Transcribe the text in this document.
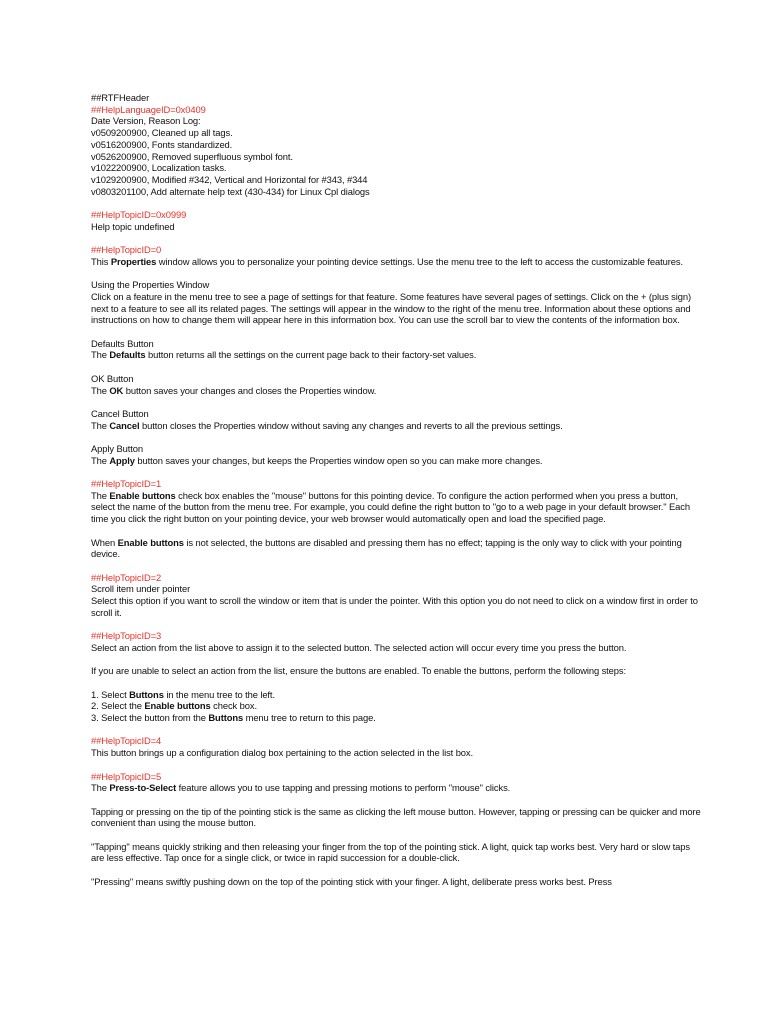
##RTFHeader
##HelpLanguageID=0x0409
Date Version, Reason Log:
v0509200900, Cleaned up all tags.
v0516200900, Fonts standardized.
v0526200900, Removed superfluous symbol font.
v1022200900, Localization tasks.
v1029200900, Modified #342, Vertical and Horizontal for #343, #344
v0803201100, Add alternate help text (430-434) for Linux Cpl dialogs
##HelpTopicID=0x0999
Help topic undefined
##HelpTopicID=0

This Properties window allows you to personalize your pointing device settings. Use the menu tree to the left to access the customizable features.

Using the Properties Window

Click on a feature in the menu tree to see a page of settings for that feature. Some features have several pages of settings. Click on the + (plus sign) next to a feature to see all its related pages. The settings will appear in the window to the right of the menu tree. Information about these options and instructions on how to change them will appear here in this information box. You can use the scroll bar to view the contents of the information box.

Defaults Button

The Defaults button returns all the settings on the current page back to their factory-set values.

OK Button

The OK button saves your changes and closes the Properties window.

Cancel Button

The Cancel button closes the Properties window without saving any changes and reverts to all the previous settings.

Apply Button

The Apply button saves your changes, but keeps the Properties window open so you can make more changes.

##HelpTopicID=1

The Enable buttons check box enables the "mouse" buttons for this pointing device. To configure the action performed when you press a button, select the name of the button from the menu tree. For example, you could define the right button to "go to a web page in your default browser." Each time you click the right button on your pointing device, your web browser would automatically open and load the specified page.

When Enable buttons is not selected, the buttons are disabled and pressing them has no effect; tapping is the only way to click with your pointing device.

##HelpTopicID=2
Scroll item under pointer

Select this option if you want to scroll the window or item that is under the pointer. With this option you do not need to click on a window first in order to scroll it.

##HelpTopicID=3

Select an action from the list above to assign it to the selected button. The selected action will occur every time you press the button.

If you are unable to select an action from the list, ensure the buttons are enabled. To enable the buttons, perform the following steps:

1. Select Buttons in the menu tree to the left.
2. Select the Enable buttons check box.
3. Select the button from the Buttons menu tree to return to this page.
##HelpTopicID=4

This button brings up a configuration dialog box pertaining to the action selected in the list box.

##HelpTopicID=5

The Press-to-Select feature allows you to use tapping and pressing motions to perform "mouse" clicks.

Tapping or pressing on the tip of the pointing stick is the same as clicking the left mouse button. However, tapping or pressing can be quicker and more convenient than using the mouse button.

"Tapping" means quickly striking and then releasing your finger from the top of the pointing stick. A light, quick tap works best. Very hard or slow taps are less effective. Tap once for a single click, or twice in rapid succession for a double-click.

"Pressing" means swiftly pushing down on the top of the pointing stick with your finger. A light, deliberate press works best. Press
